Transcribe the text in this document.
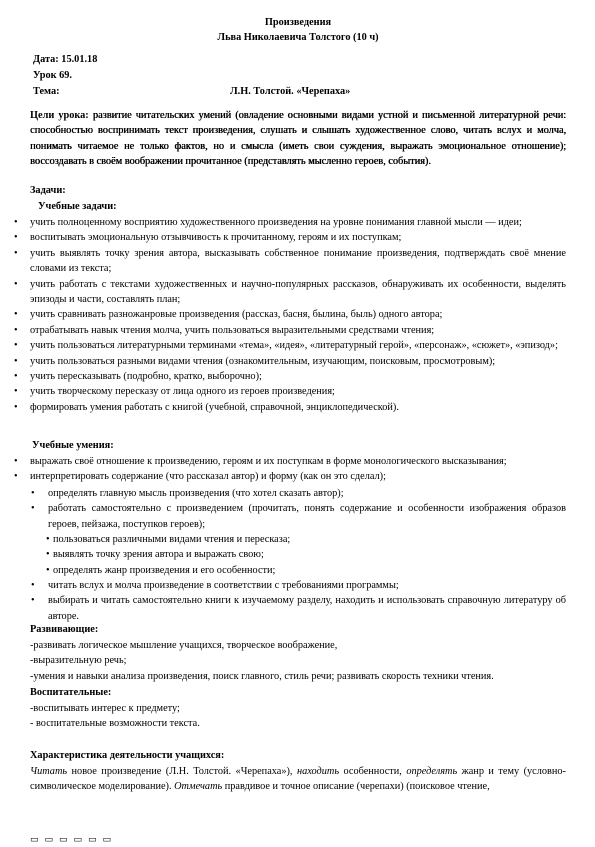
Произведения
Льва Николаевича Толстого (10 ч)
Дата: 15.01.18
Урок 69.
Тема:	Л.Н. Толстой. «Черепаха»
Цели урока: развитие читательских умений (овладение основными видами устной и письменной литературной речи: способностью воспринимать текст произведения, слушать и слышать художественное слово, читать вслух и молча, понимать читаемое не только фактов, но и смысла (иметь свои суждения, выражать эмоциональное отношение); воссоздавать в своём воображении прочитанное (представлять мысленно героев, события).
Задачи:
Учебные задачи:
• учить полноценному восприятию художественного произведения на уровне понимания главной мысли — идеи;
• воспитывать эмоциональную отзывчивость к прочитанному, героям и их поступкам;
• учить выявлять точку зрения автора, высказывать собственное понимание произведения, подтверждать своё мнение словами из текста;
• учить работать с текстами художественных и научно-популярных рассказов, обнаруживать их особенности, выделять эпизоды и части, составлять план;
• учить сравнивать разножанровые произведения (рассказ, басня, былина, быль) одного автора;
• отрабатывать навык чтения молча, учить пользоваться выразительными средствами чтения;
• учить пользоваться литературными терминами «тема», «идея», «литературный герой», «персонаж», «сюжет», «эпизод»;
• учить пользоваться разными видами чтения (ознакомительным, изучающим, поисковым, просмотровым);
• учить пересказывать (подробно, кратко, выборочно);
• учить творческому пересказу от лица одного из героев произведения;
• формировать умения работать с книгой (учебной, справочной, энциклопедической).
Учебные умения:
• выражать своё отношение к произведению, героям и их поступкам в форме монологического высказывания;
• интерпретировать содержание (что рассказал автор) и форму (как он это сделал);
• определять главную мысль произведения (что хотел сказать автор);
• работать самостоятельно с произведением (прочитать, понять содержание и особенности изображения образов героев, пейзажа, поступков героев);
• пользоваться различными видами чтения и пересказа;
• выявлять точку зрения автора и выражать свою;
• определять жанр произведения и его особенности;
• читать вслух и молча произведение в соответствии с требованиями программы;
• выбирать и читать самостоятельно книги к изучаемому разделу, находить и использовать справочную литературу об авторе.
Развивающие:
-развивать логическое мышление учащихся, творческое воображение,
-выразительную речь;
-умения и навыки анализа произведения, поиск главного, стиль речи; развивать скорость техники чтения.
Воспитательные:
-воспитывать интерес к предмету;
- воспитательные возможности текста.
Характеристика деятельности учащихся:
Читать новое произведение (Л.Н. Толстой. «Черепаха»), находить особенности, определять жанр и тему (условно-символическое моделирование). Отмечать правдивое и точное описание (черепахи) (поисковое чтение,
▭▭▭▭▭▭
